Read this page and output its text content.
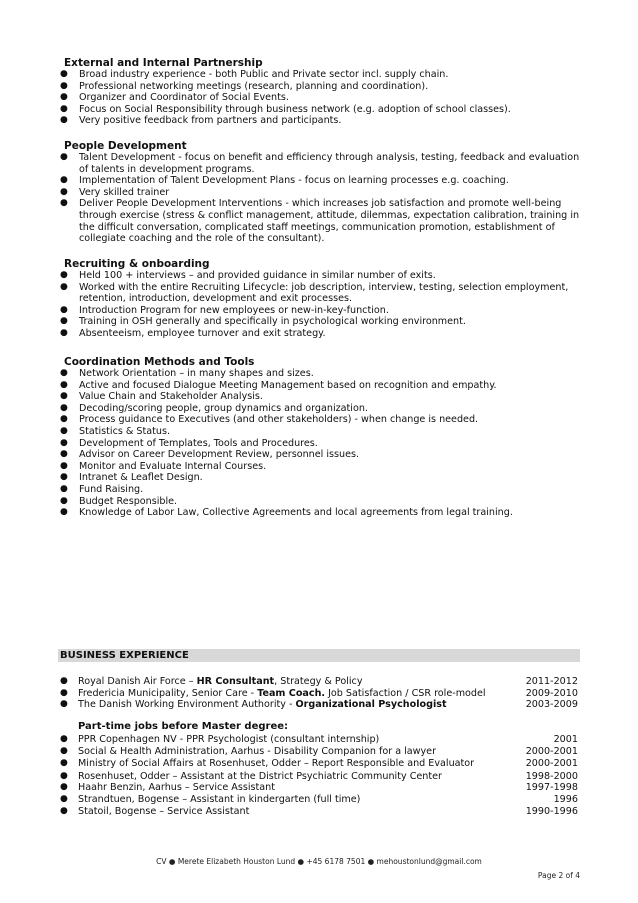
External and Internal Partnership
● Broad industry experience - both Public and Private sector incl. supply chain.
● Professional networking meetings (research, planning and coordination).
● Organizer and Coordinator of Social Events.
● Focus on Social Responsibility through business network (e.g. adoption of school classes).
● Very positive feedback from partners and participants.
People Development
● Talent Development - focus on benefit and efficiency through analysis, testing, feedback and evaluation of talents in development programs.
● Implementation of Talent Development Plans - focus on learning processes e.g. coaching.
● Very skilled trainer
● Deliver People Development Interventions - which increases job satisfaction and promote well-being through exercise (stress & conflict management, attitude, dilemmas, expectation calibration, training in the difficult conversation, complicated staff meetings, communication promotion, establishment of collegiate coaching and the role of the consultant).
Recruiting & onboarding
● Held 100 + interviews – and provided guidance in similar number of exits.
● Worked with the entire Recruiting Lifecycle: job description, interview, testing, selection employment, retention, introduction, development and exit processes.
● Introduction Program for new employees or new-in-key-function.
● Training in OSH generally and specifically in psychological working environment.
● Absenteeism, employee turnover and exit strategy.
Coordination Methods and Tools
● Network Orientation – in many shapes and sizes.
● Active and focused Dialogue Meeting Management based on recognition and empathy.
● Value Chain and Stakeholder Analysis.
● Decoding/scoring people, group dynamics and organization.
● Process guidance to Executives (and other stakeholders) - when change is needed.
● Statistics & Status.
● Development of Templates, Tools and Procedures.
● Advisor on Career Development Review, personnel issues.
● Monitor and Evaluate Internal Courses.
● Intranet & Leaflet Design.
● Fund Raising.
● Budget Responsible.
● Knowledge of Labor Law, Collective Agreements and local agreements from legal training.
BUSINESS EXPERIENCE
● Royal Danish Air Force – HR Consultant, Strategy & Policy	2011-2012
● Fredericia Municipality, Senior Care - Team Coach. Job Satisfaction / CSR role-model	2009-2010
● The Danish Working Environment Authority - Organizational Psychologist	2003-2009
Part-time jobs before Master degree:
● PPR Copenhagen NV - PPR Psychologist (consultant internship)	2001
● Social & Health Administration, Aarhus - Disability Companion for a lawyer	2000-2001
● Ministry of Social Affairs at Rosenhuset, Odder – Report Responsible and Evaluator	2000-2001
● Rosenhuset, Odder – Assistant at the District Psychiatric Community Center	1998-2000
● Haahr Benzin, Aarhus – Service Assistant	1997-1998
● Strandtuen, Bogense – Assistant in kindergarten (full time)	1996
● Statoil, Bogense – Service Assistant	1990-1996
CV ● Merete Elizabeth Houston Lund ● +45 6178 7501 ● mehoustonlund@gmail.com
Page 2 of 4
